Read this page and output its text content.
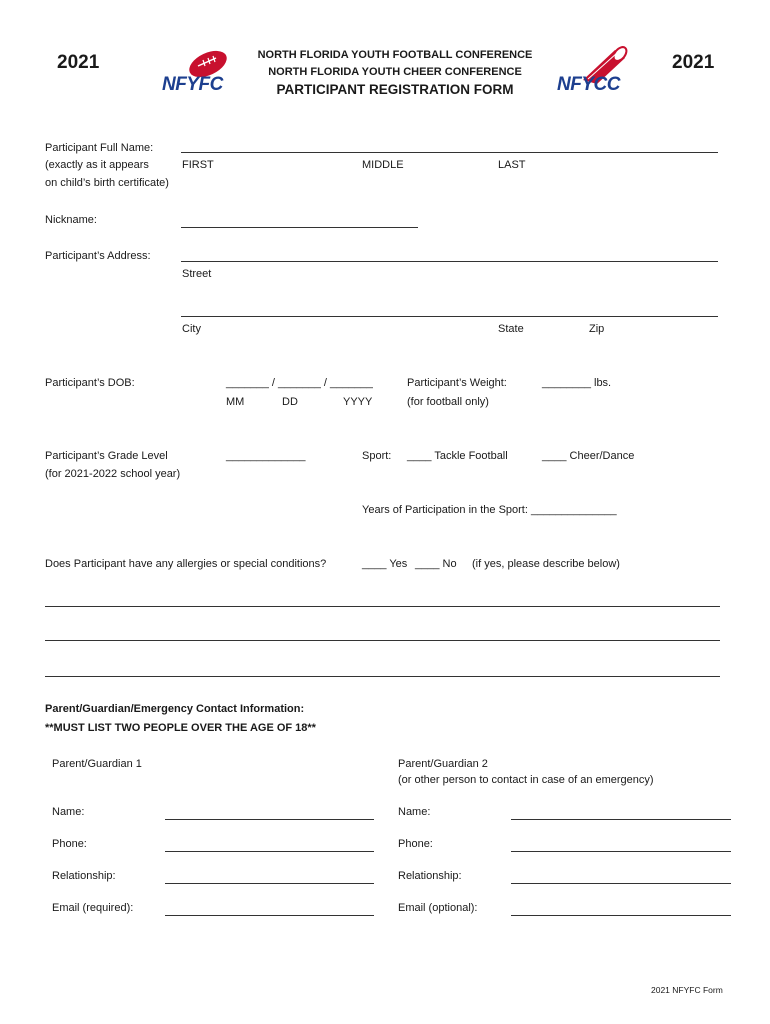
2021	2021
NFYFC	NFYCC
NORTH FLORIDA YOUTH FOOTBALL CONFERENCE
NORTH FLORIDA YOUTH CHEER CONFERENCE
PARTICIPANT REGISTRATION FORM
Participant Full Name:
(exactly as it appears
on child’s birth certificate)
FIRST	MIDDLE	LAST
Nickname:
Participant’s Address:
Street
City	State	Zip
Participant’s DOB:	_______ / _______ / _______
MM	DD	YYYY
Participant’s Weight:
(for football only)
________ lbs.
Participant’s Grade Level
(for 2021-2022 school year)
_____________	Sport: ____ Tackle Football	____ Cheer/Dance
Years of Participation in the Sport: ______________
Does Participant have any allergies or special conditions?	____ Yes ____ No (if yes, please describe below)
Parent/Guardian/Emergency Contact Information:
**MUST LIST TWO PEOPLE OVER THE AGE OF 18**
Parent/Guardian 1	Parent/Guardian 2
(or other person to contact in case of an emergency)
Name:	Name:
Phone:	Phone:
Relationship:	Relationship:
Email (required):	Email (optional):
2021 NFYFC Form
